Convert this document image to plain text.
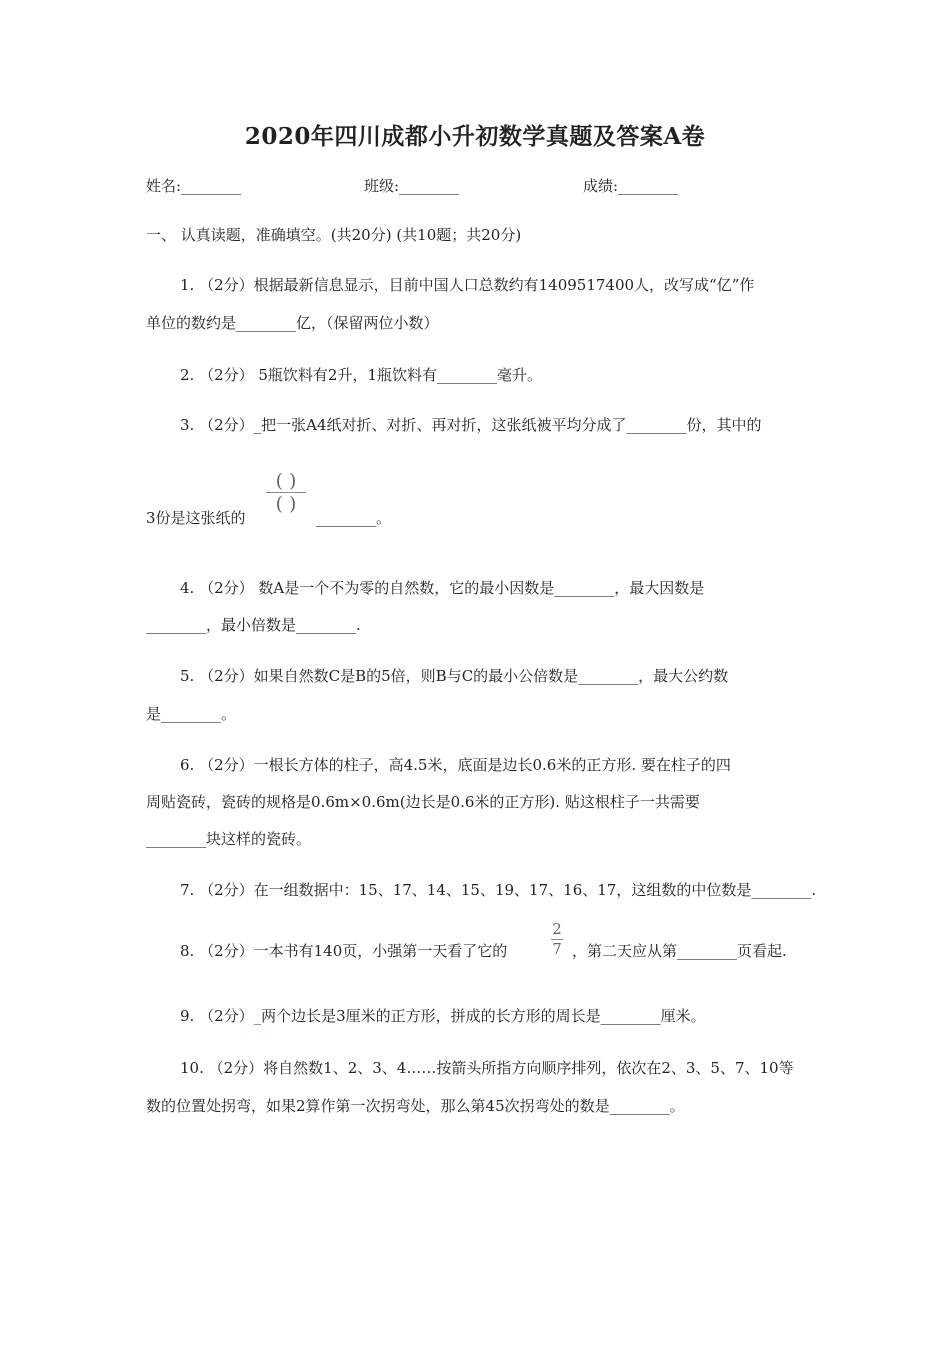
2020年四川成都小升初数学真题及答案A卷
姓名:________	班级:________	成绩:________
一、 认真读题，准确填空。(共20分) (共10题；共20分)
1. （2分）根据最新信息显示，目前中国人口总数约有1409517400人，改写成“亿”作
单位的数约是________亿，（保留两位小数）
2. （2分） 5瓶饮料有2升，1瓶饮料有________毫升。
3. （2分）_把一张A4纸对折、对折、再对折，这张纸被平均分成了________份，其中的
3份是这张纸的
( )
( )
________。
4. （2分） 数A是一个不为零的自然数，它的最小因数是________，最大因数是
________，最小倍数是________.
5. （2分）如果自然数C是B的5倍，则B与C的最小公倍数是________，最大公约数
是________。
6. （2分）一根长方体的柱子，高4.5米，底面是边长0.6米的正方形. 要在柱子的四
周贴瓷砖，瓷砖的规格是0.6m×0.6m(边长是0.6米的正方形). 贴这根柱子一共需要
________块这样的瓷砖。
7. （2分）在一组数据中：15、17、14、15、19、17、16、17，这组数的中位数是________.
8. （2分）一本书有140页，小强第一天看了它的
2
7 ，第二天应从第________页看起.
9. （2分）_两个边长是3厘米的正方形，拼成的长方形的周长是________厘米。
10. （2分）将自然数1、2、3、4……按箭头所指方向顺序排列，依次在2、3、5、7、10等
数的位置处拐弯，如果2算作第一次拐弯处，那么第45次拐弯处的数是________。
